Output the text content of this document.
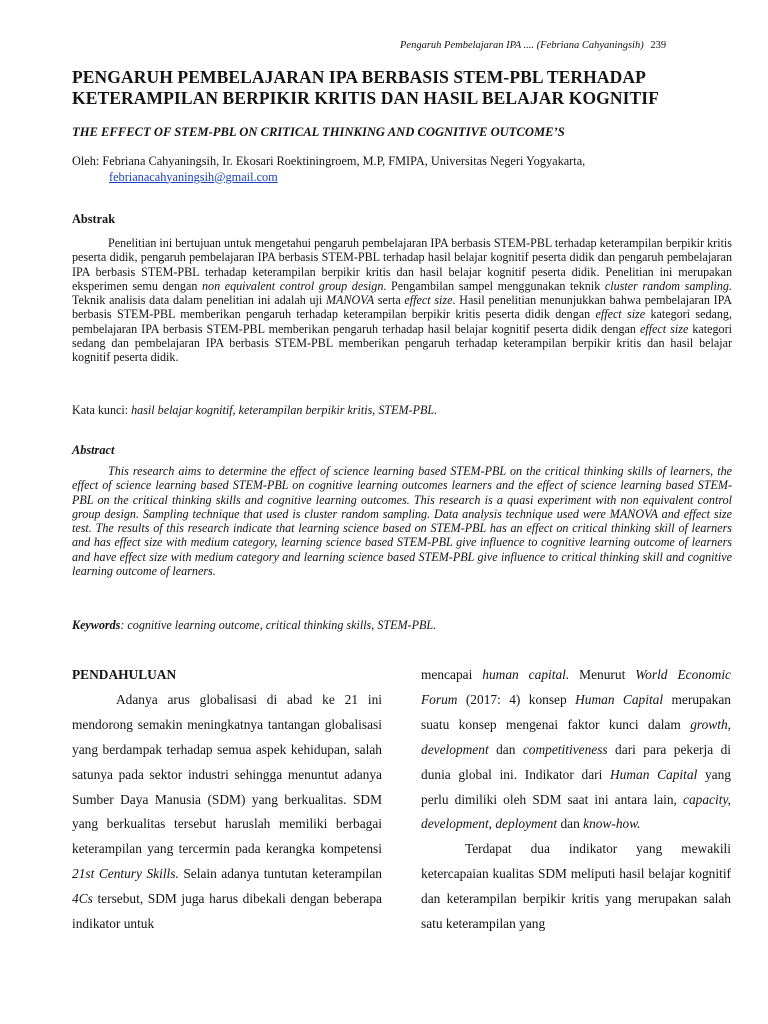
Pengaruh Pembelajaran IPA .... (Febriana Cahyaningsih) 239
PENGARUH PEMBELAJARAN IPA BERBASIS STEM-PBL TERHADAP
KETERAMPILAN BERPIKIR KRITIS DAN HASIL BELAJAR KOGNITIF
THE EFFECT OF STEM-PBL ON CRITICAL THINKING AND COGNITIVE OUTCOME’S
Oleh: Febriana Cahyaningsih, Ir. Ekosari Roektiningroem, M.P, FMIPA, Universitas Negeri Yogyakarta,
febrianacahyaningsih@gmail.com
Abstrak

Penelitian ini bertujuan untuk mengetahui pengaruh pembelajaran IPA berbasis STEM-PBL terhadap keterampilan berpikir kritis peserta didik, pengaruh pembelajaran IPA berbasis STEM-PBL terhadap hasil belajar kognitif peserta didik dan pengaruh pembelajaran IPA berbasis STEM-PBL terhadap keterampilan berpikir kritis dan hasil belajar kognitif peserta didik. Penelitian ini merupakan eksperimen semu dengan non equivalent control group design. Pengambilan sampel menggunakan teknik cluster random sampling. Teknik analisis data dalam penelitian ini adalah uji MANOVA serta effect size. Hasil penelitian menunjukkan bahwa pembelajaran IPA berbasis STEM-PBL memberikan pengaruh terhadap keterampilan berpikir kritis peserta didik dengan effect size kategori sedang, pembelajaran IPA berbasis STEM-PBL memberikan pengaruh terhadap hasil belajar kognitif peserta didik dengan effect size kategori sedang dan pembelajaran IPA berbasis STEM-PBL memberikan pengaruh terhadap keterampilan berpikir kritis dan hasil belajar kognitif peserta didik.

Kata kunci: hasil belajar kognitif, keterampilan berpikir kritis, STEM-PBL.
Abstract

This research aims to determine the effect of science learning based STEM-PBL on the critical thinking skills of learners, the effect of science learning based STEM-PBL on cognitive learning outcomes learners and the effect of science learning based STEM-PBL on the critical thinking skills and cognitive learning outcomes. This research is a quasi experiment with non equivalent control group design. Sampling technique that used is cluster random sampling. Data analysis technique used were MANOVA and effect size test. The results of this research indicate that learning science based on STEM-PBL has an effect on critical thinking skill of learners and has effect size with medium category, learning science based STEM-PBL give influence to cognitive learning outcome of learners and have effect size with medium category and learning science based STEM-PBL give influence to critical thinking skill and cognitive learning outcome of learners.

Keywords: cognitive learning outcome, critical thinking skills, STEM-PBL.
PENDAHULUAN

Adanya arus globalisasi di abad ke 21 ini mendorong semakin meningkatnya tantangan globalisasi yang berdampak terhadap semua aspek kehidupan, salah satunya pada sektor industri sehingga menuntut adanya Sumber Daya Manusia (SDM) yang berkualitas. SDM yang berkualitas tersebut haruslah memiliki berbagai keterampilan yang tercermin pada kerangka kompetensi 21st Century Skills. Selain adanya tuntutan keterampilan 4Cs tersebut, SDM juga harus dibekali dengan beberapa indikator untuk

mencapai human capital. Menurut World Economic Forum (2017: 4) konsep Human Capital merupakan suatu konsep mengenai faktor kunci dalam growth, development dan competitiveness dari para pekerja di dunia global ini. Indikator dari Human Capital yang perlu dimiliki oleh SDM saat ini antara lain, capacity, development, deployment dan know-how.

Terdapat dua indikator yang mewakili ketercapaian kualitas SDM meliputi hasil belajar kognitif dan keterampilan berpikir kritis yang merupakan salah satu keterampilan yang
